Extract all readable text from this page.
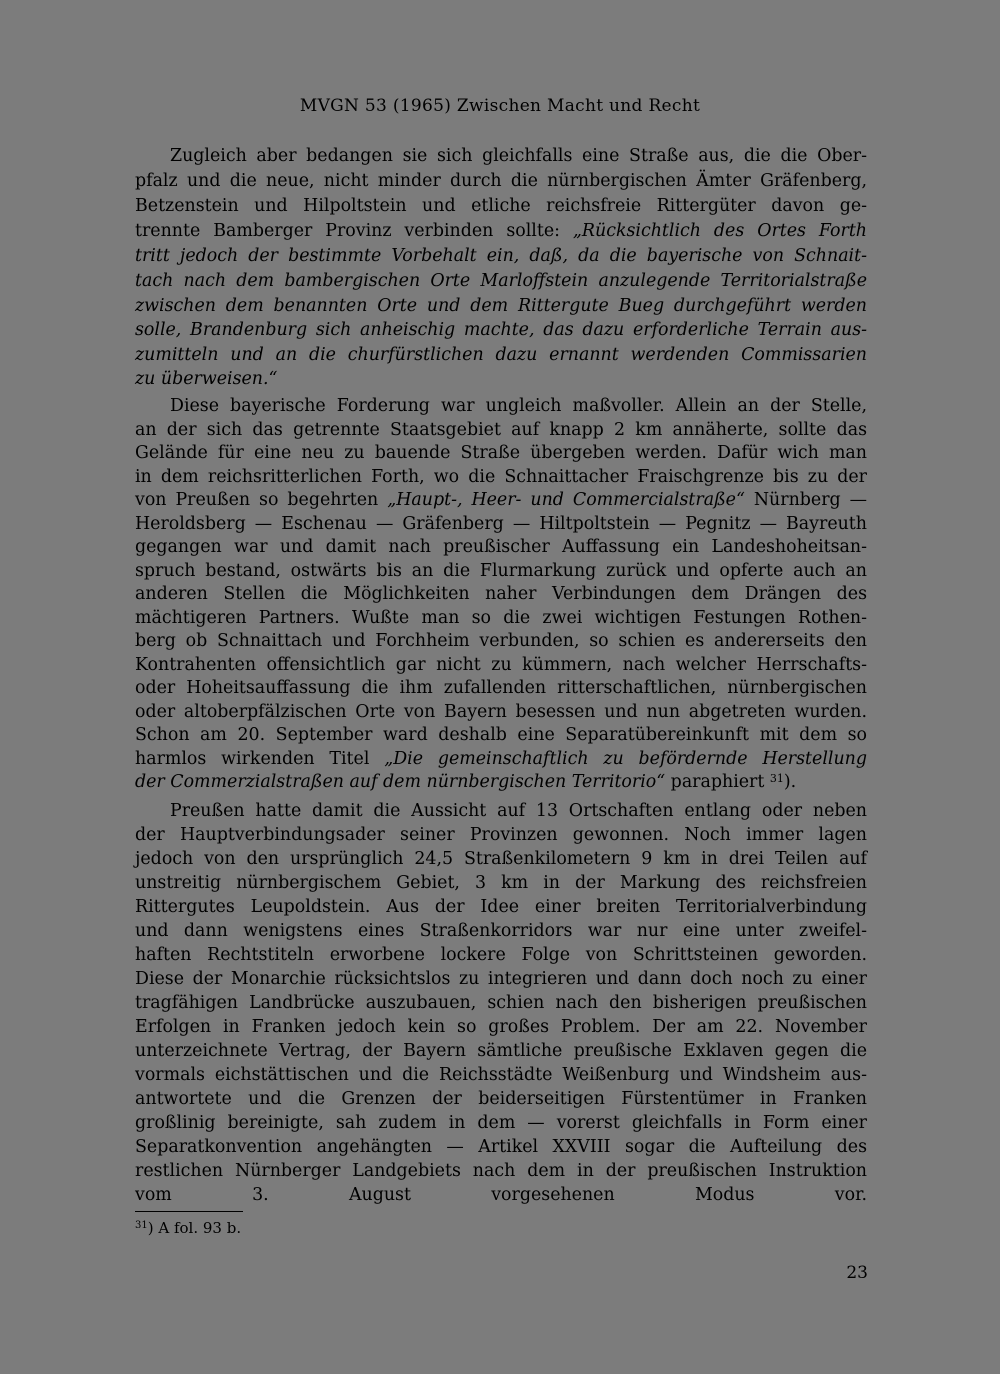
MVGN 53 (1965) Zwischen Macht und Recht
Zugleich aber bedangen sie sich gleichfalls eine Straße aus, die die Ober-
pfalz und die neue, nicht minder durch die nürnbergischen Ämter Gräfenberg,
Betzenstein und Hilpoltstein und etliche reichsfreie Rittergüter davon ge-
trennte Bamberger Provinz verbinden sollte: „Rücksichtlich des Ortes Forth
tritt jedoch der bestimmte Vorbehalt ein, daß, da die bayerische von Schnait-
tach nach dem bambergischen Orte Marloffstein anzulegende Territorialstraße
zwischen dem benannten Orte und dem Rittergute Bueg durchgeführt werden
solle, Brandenburg sich anheischig machte, das dazu erforderliche Terrain aus-
zumitteln und an die churfürstlichen dazu ernannt werdenden Commissarien
zu überweisen.“
Diese bayerische Forderung war ungleich maßvoller. Allein an der Stelle,
an der sich das getrennte Staatsgebiet auf knapp 2 km annäherte, sollte das
Gelände für eine neu zu bauende Straße übergeben werden. Dafür wich man
in dem reichsritterlichen Forth, wo die Schnaittacher Fraischgrenze bis zu der
von Preußen so begehrten „Haupt-, Heer- und Commercialstraße“ Nürnberg —
Heroldsberg — Eschenau — Gräfenberg — Hiltpoltstein — Pegnitz — Bayreuth
gegangen war und damit nach preußischer Auffassung ein Landeshoheitsan-
spruch bestand, ostwärts bis an die Flurmarkung zurück und opferte auch an
anderen Stellen die Möglichkeiten naher Verbindungen dem Drängen des
mächtigeren Partners. Wußte man so die zwei wichtigen Festungen Rothen-
berg ob Schnaittach und Forchheim verbunden, so schien es andererseits den
Kontrahenten offensichtlich gar nicht zu kümmern, nach welcher Herrschafts-
oder Hoheitsauffassung die ihm zufallenden ritterschaftlichen, nürnbergischen
oder altoberpfälzischen Orte von Bayern besessen und nun abgetreten wurden.
Schon am 20. September ward deshalb eine Separatübereinkunft mit dem so
harmlos wirkenden Titel „Die gemeinschaftlich zu befördernde Herstellung
der Commerzialstraßen auf dem nürnbergischen Territorio“ paraphiert $^{31}$).
Preußen hatte damit die Aussicht auf 13 Ortschaften entlang oder neben
der Hauptverbindungsader seiner Provinzen gewonnen. Noch immer lagen
jedoch von den ursprünglich 24,5 Straßenkilometern 9 km in drei Teilen auf
unstreitig nürnbergischem Gebiet, 3 km in der Markung des reichsfreien
Rittergutes Leupoldstein. Aus der Idee einer breiten Territorialverbindung
und dann wenigstens eines Straßenkorridors war nur eine unter zweifel-
haften Rechtstiteln erworbene lockere Folge von Schrittsteinen geworden.
Diese der Monarchie rücksichtslos zu integrieren und dann doch noch zu einer
tragfähigen Landbrücke auszubauen, schien nach den bisherigen preußischen
Erfolgen in Franken jedoch kein so großes Problem. Der am 22. November
unterzeichnete Vertrag, der Bayern sämtliche preußische Exklaven gegen die
vormals eichstättischen und die Reichsstädte Weißenburg und Windsheim aus-
antwortete und die Grenzen der beiderseitigen Fürstentümer in Franken
großlinig bereinigte, sah zudem in dem — vorerst gleichfalls in Form einer
Separatkonvention angehängten — Artikel XXVIII sogar die Aufteilung des
restlichen Nürnberger Landgebiets nach dem in der preußischen Instruktion
vom 3. August vorgesehenen Modus vor.
$^{31}$) A fol. 93 b.
23
